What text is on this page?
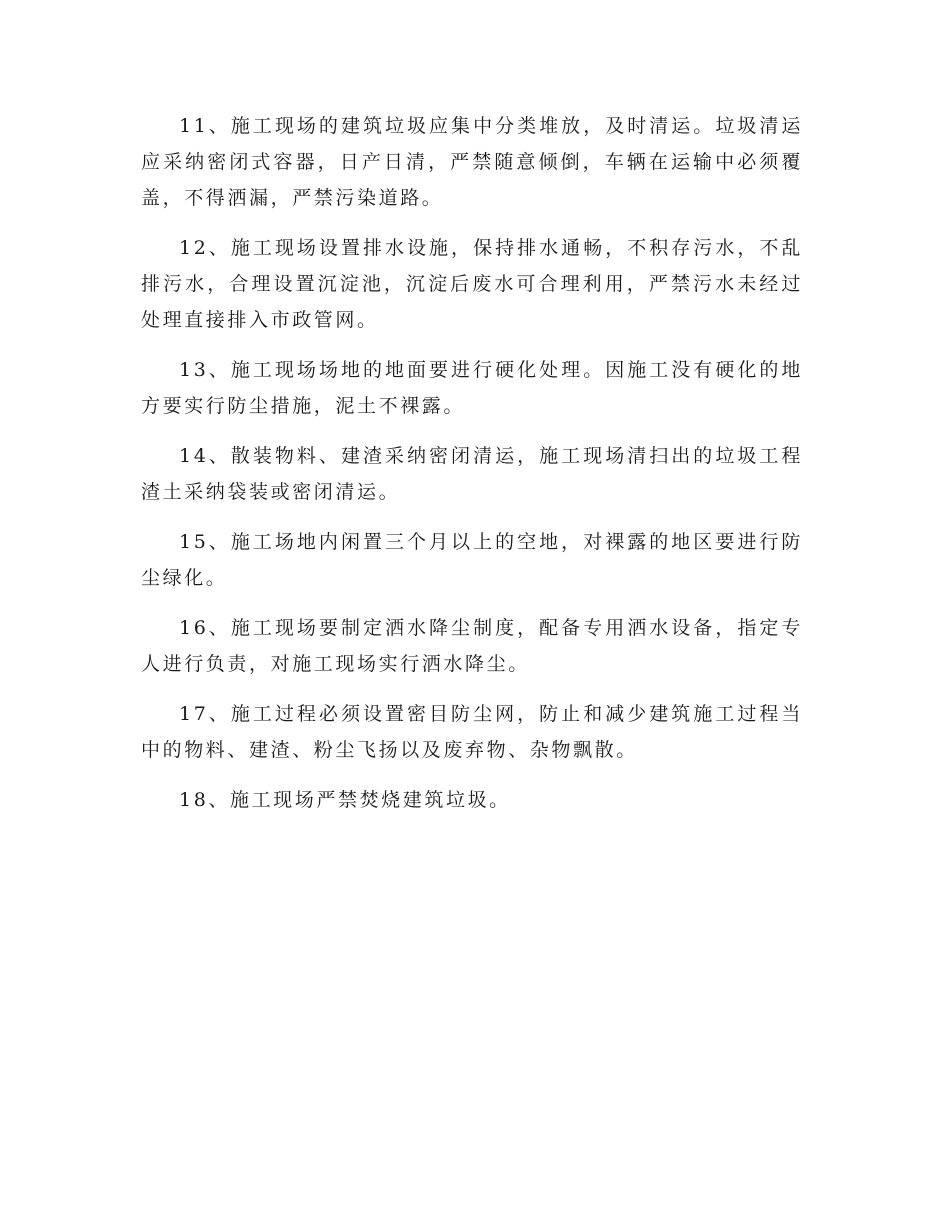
11、施工现场的建筑垃圾应集中分类堆放，及时清运。垃圾清运应采纳密闭式容器，日产日清，严禁随意倾倒，车辆在运输中必须覆盖，不得洒漏，严禁污染道路。

12、施工现场设置排水设施，保持排水通畅，不积存污水，不乱排污水，合理设置沉淀池，沉淀后废水可合理利用，严禁污水未经过处理直接排入市政管网。

13、施工现场场地的地面要进行硬化处理。因施工没有硬化的地方要实行防尘措施，泥土不裸露。

14、散装物料、建渣采纳密闭清运，施工现场清扫出的垃圾工程渣土采纳袋装或密闭清运。

15、施工场地内闲置三个月以上的空地，对裸露的地区要进行防尘绿化。

16、施工现场要制定洒水降尘制度，配备专用洒水设备，指定专人进行负责，对施工现场实行洒水降尘。

17、施工过程必须设置密目防尘网，防止和减少建筑施工过程当中的物料、建渣、粉尘飞扬以及废弃物、杂物飘散。

18、施工现场严禁焚烧建筑垃圾。
